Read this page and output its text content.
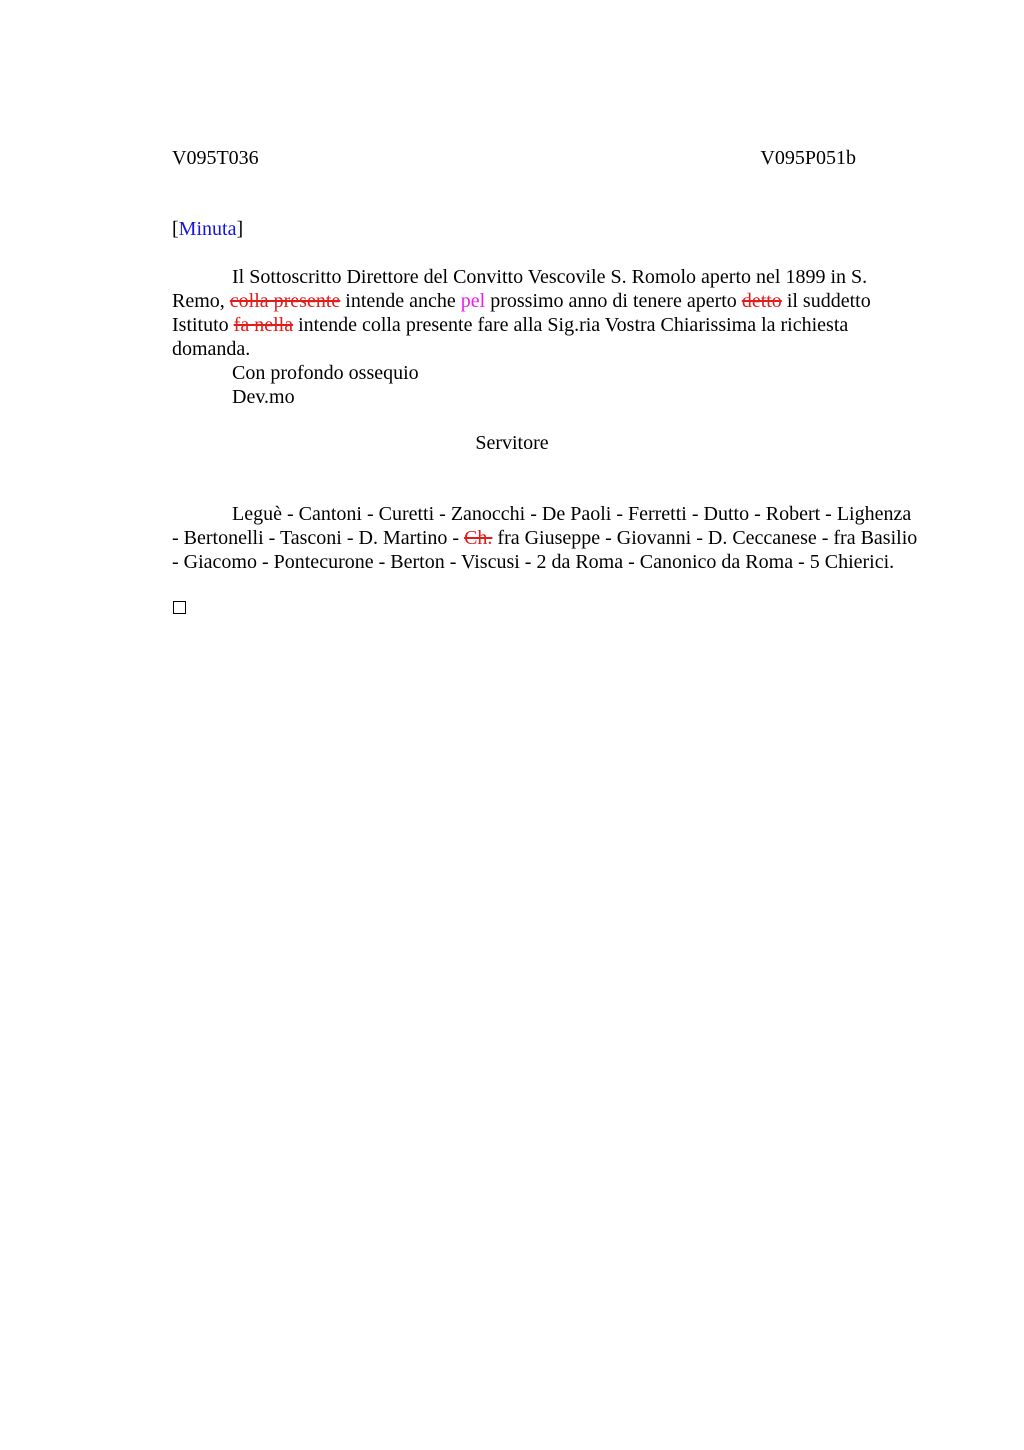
V095T036	V095P051b
[Minuta]

Il Sottoscritto Direttore del Convitto Vescovile S. Romolo aperto nel 1899 in S. Remo, colla presente intende anche pel prossimo anno di tenere aperto detto il suddetto Istituto fa nella intende colla presente fare alla Sig.ria Vostra Chiarissima la richiesta domanda.

Con profondo ossequio

Dev.mo

Servitore

Leguè - Cantoni - Curetti - Zanocchi - De Paoli - Ferretti - Dutto - Robert - Lighenza - Bertonelli - Tasconi - D. Martino - Ch. fra Giuseppe - Giovanni - D. Ceccanese - fra Basilio - Giacomo - Pontecurone - Berton - Viscusi - 2 da Roma - Canonico da Roma - 5 Chierici.
